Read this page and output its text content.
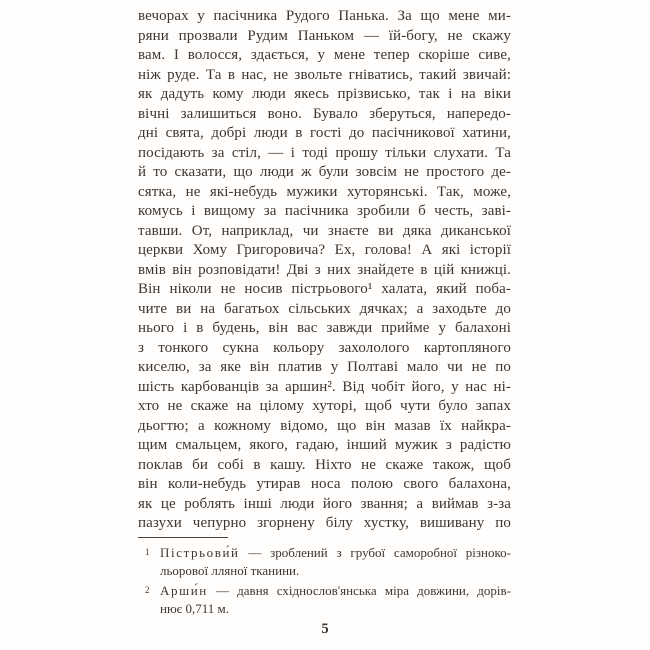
вечорах у пасічника Рудого Панька. За що мене ми-
ряни прозвали Рудим Паньком — їй-богу, не скажу
вам. І волосся, здається, у мене тепер скоріше сиве,
ніж руде. Та в нас, не звольте гніватись, такий звичай:
як дадуть кому люди якесь прізвисько, так і на віки
вічні залишиться воно. Бувало зберуться, напередо-
дні свята, добрі люди в гості до пасічникової хатини,
посідають за стіл, — і тоді прошу тільки слухати. Та
й то сказати, що люди ж були зовсім не простого де-
сятка, не які-небудь мужики хуторянські. Так, може,
комусь і вищому за пасічника зробили б честь, заві-
тавши. От, наприклад, чи знаєте ви дяка диканської
церкви Хому Григоровича? Ех, голова! А які історії
вмів він розповідати! Дві з них знайдете в цій книжці.
Він ніколи не носив пістрьового¹ халата, який поба-
чите ви на багатьох сільських дячках; а заходьте до
нього і в будень, він вас завжди прийме у балахоні
з тонкого сукна кольору захололого картопляного
киселю, за яке він платив у Полтаві мало чи не по
шість карбованців за аршин². Від чобіт його, у нас ні-
хто не скаже на цілому хуторі, щоб чути було запах
дьогтю; а кожному відомо, що він мазав їх найкра-
щим смальцем, якого, гадаю, інший мужик з радістю
поклав би собі в кашу. Ніхто не скаже також, щоб
він коли-небудь утирав носа полою свого балахона,
як це роблять інші люди його звання; а виймав з-за
пазухи чепурно згорнену білу хустку, вишивану по
1 Пістрьови́й — зроблений з грубої саморобної різноко-
льорової лляної тканини.
2 Арши́н — давня східнослов'янська міра довжини, дорів-
нює 0,711 м.
5
